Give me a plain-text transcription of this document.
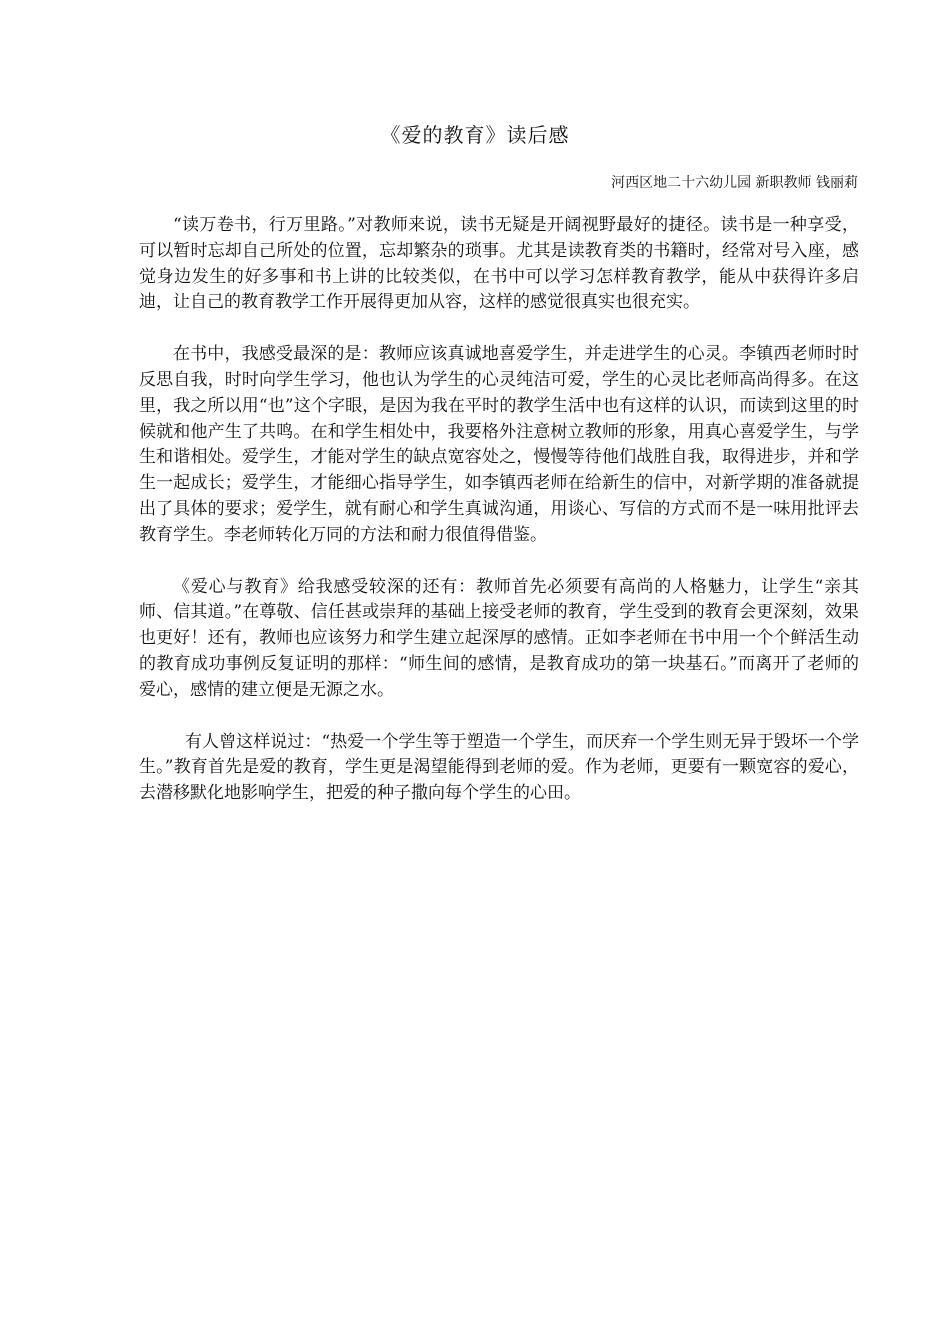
《爱的教育》读后感
河西区地二十六幼儿园 新职教师 钱丽莉

“读万卷书，行万里路。”对教师来说，读书无疑是开阔视野最好的捷径。读书是一种享受，可以暂时忘却自己所处的位置，忘却繁杂的琐事。尤其是读教育类的书籍时，经常对号入座，感觉身边发生的好多事和书上讲的比较类似，在书中可以学习怎样教育教学，能从中获得许多启迪，让自己的教育教学工作开展得更加从容，这样的感觉很真实也很充实。

在书中，我感受最深的是：教师应该真诚地喜爱学生，并走进学生的心灵。李镇西老师时时反思自我，时时向学生学习，他也认为学生的心灵纯洁可爱，学生的心灵比老师高尚得多。在这里，我之所以用“也”这个字眼，是因为我在平时的教学生活中也有这样的认识，而读到这里的时候就和他产生了共鸣。在和学生相处中，我要格外注意树立教师的形象，用真心喜爱学生，与学生和谐相处。爱学生，才能对学生的缺点宽容处之，慢慢等待他们战胜自我，取得进步，并和学生一起成长；爱学生，才能细心指导学生，如李镇西老师在给新生的信中，对新学期的准备就提出了具体的要求；爱学生，就有耐心和学生真诚沟通，用谈心、写信的方式而不是一味用批评去教育学生。李老师转化万同的方法和耐力很值得借鉴。

《爱心与教育》给我感受较深的还有：教师首先必须要有高尚的人格魅力，让学生“亲其师、信其道。”在尊敬、信任甚或崇拜的基础上接受老师的教育，学生受到的教育会更深刻，效果也更好！还有，教师也应该努力和学生建立起深厚的感情。正如李老师在书中用一个个鲜活生动的教育成功事例反复证明的那样：“师生间的感情，是教育成功的第一块基石。”而离开了老师的爱心，感情的建立便是无源之水。

有人曾这样说过：“热爱一个学生等于塑造一个学生，而厌弃一个学生则无异于毁坏一个学生。”教育首先是爱的教育，学生更是渴望能得到老师的爱。作为老师，更要有一颗宽容的爱心，去潜移默化地影响学生，把爱的种子撒向每个学生的心田。
